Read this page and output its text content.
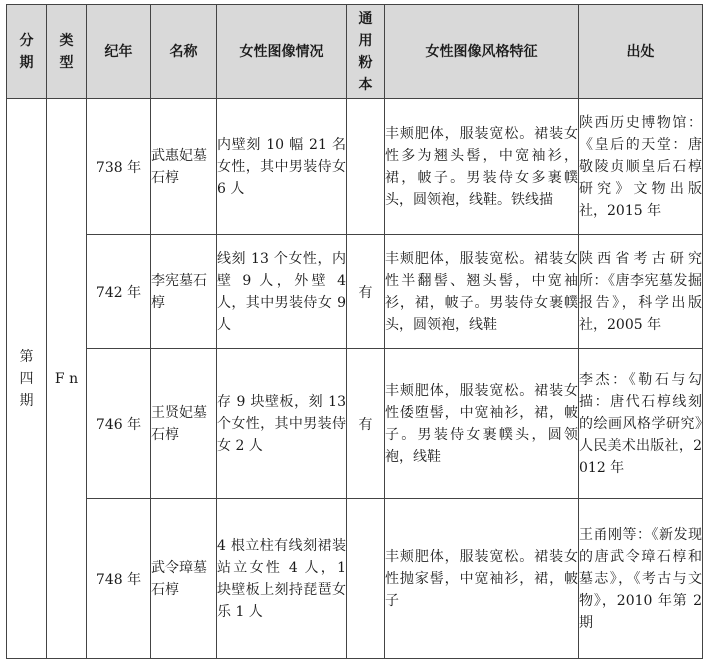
分期	类型	纪年	名称	女性图像情况	通用粉本	女性图像风格特征	出处
第四期	F n	738 年	武惠妃墓石椁	内壁刻 10 幅 21 名女性，其中男装侍女 6 人		丰颊肥体，服装宽松。裙装女性多为翘头髻，中宽袖衫，裙，帔子。男装侍女多裹幞头，圆领袍，线鞋。铁线描	陕西历史博物馆：《皇后的天堂：唐敬陵贞顺皇后石椁研究》文物出版社，2015 年
		742 年	李宪墓石椁	线刻 13 个女性，内壁 9 人，外壁 4 人，其中男装侍女 9 人	有	丰颊肥体，服装宽松。裙装女性半翻髻、翘头髻，中宽袖衫，裙，帔子。男装侍女裹幞头，圆领袍，线鞋	陕西省考古研究所：《唐李宪墓发掘报告》，科学出版社，2005 年
		746 年	王贤妃墓石椁	存 9 块壁板，刻 13 个女性，其中男装侍女 2 人	有	丰颊肥体，服装宽松。裙装女性倭堕髻，中宽袖衫，裙，帔子。男装侍女裹幞头，圆领袍，线鞋	李杰：《勒石与勾描：唐代石椁线刻的绘画风格学研究》人民美术出版社，2012 年
		748 年	武令璋墓石椁	4 根立柱有线刻裙装站立女性 4 人，1 块壁板上刻持琵琶女乐 1 人		丰颊肥体，服装宽松。裙装女性抛家髻，中宽袖衫，裙，帔子	王甬刚等：《新发现的唐武令璋石椁和墓志》，《考古与文物》，2010 年第 2 期
